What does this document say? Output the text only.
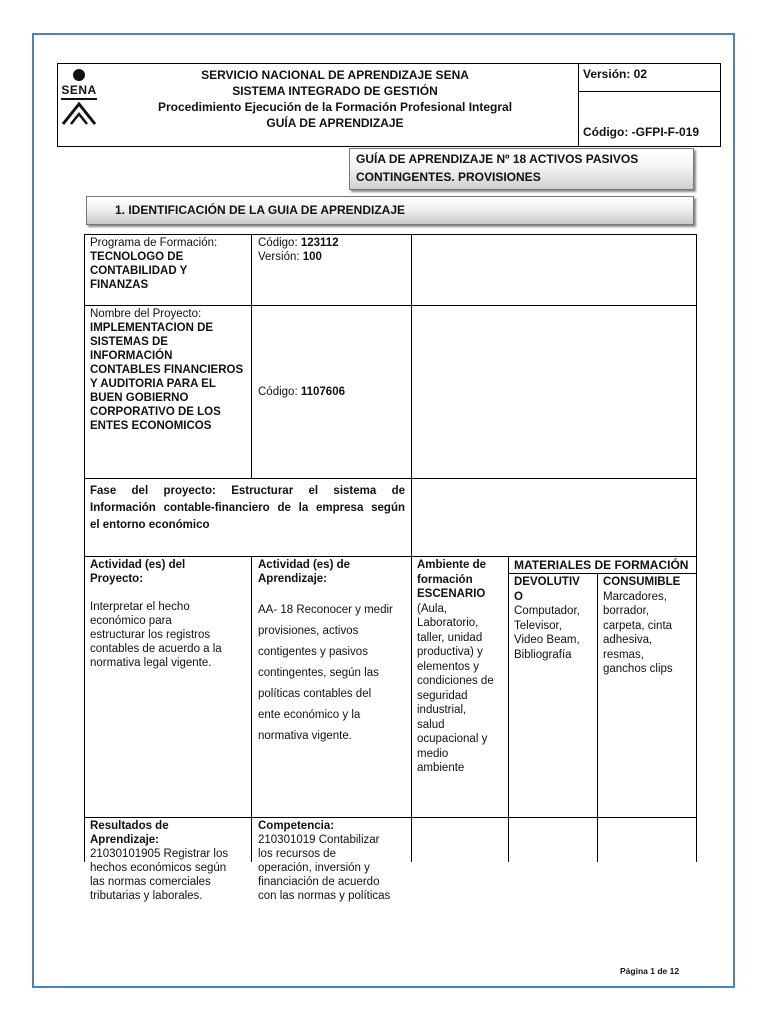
SENA
SERVICIO NACIONAL DE APRENDIZAJE SENA
SISTEMA INTEGRADO DE GESTIÓN
Procedimiento Ejecución de la Formación Profesional Integral
GUÍA DE APRENDIZAJE
Versión: 02
Código: -GFPI-F-019
GUÍA DE APRENDIZAJE Nº 18 ACTIVOS PASIVOS
CONTINGENTES. PROVISIONES
1. IDENTIFICACIÓN DE LA GUIA DE APRENDIZAJE
Programa de Formación:
TECNOLOGO DE
CONTABILIDAD Y
FINANZAS
Código: 123112
Versión: 100
Nombre del Proyecto:
IMPLEMENTACION DE
SISTEMAS DE
INFORMACIÓN
CONTABLES FINANCIEROS
Y AUDITORIA PARA EL
BUEN GOBIERNO
CORPORATIVO DE LOS
ENTES ECONOMICOS
Código: 1107606
Fase del proyecto: Estructurar el sistema de
Información contable-financiero de la empresa según
el entorno económico
Actividad (es) del
Proyecto:
Interpretar el hecho
económico para
estructurar los registros
contables de acuerdo a la
normativa legal vigente.
Actividad (es) de
Aprendizaje:
AA- 18 Reconocer y medir
provisiones, activos
contigentes y pasivos
contingentes, según las
políticas contables del
ente económico y la
normativa vigente.
Ambiente de
formación
ESCENARIO
(Aula,
Laboratorio,
taller, unidad
productiva) y
elementos y
condiciones de
seguridad
industrial,
salud
ocupacional y
medio
ambiente
MATERIALES DE FORMACIÓN
DEVOLUTIV
O
Computador,
Televisor,
Video Beam,
Bibliografía
CONSUMIBLE
Marcadores,
borrador,
carpeta, cinta
adhesiva,
resmas,
ganchos clips
Resultados de
Aprendizaje:
21030101905 Registrar los
hechos económicos según
las normas comerciales
tributarias y laborales.
Competencia:
210301019 Contabilizar
los recursos de
operación, inversión y
financiación de acuerdo
con las normas y políticas
Página 1 de 12
